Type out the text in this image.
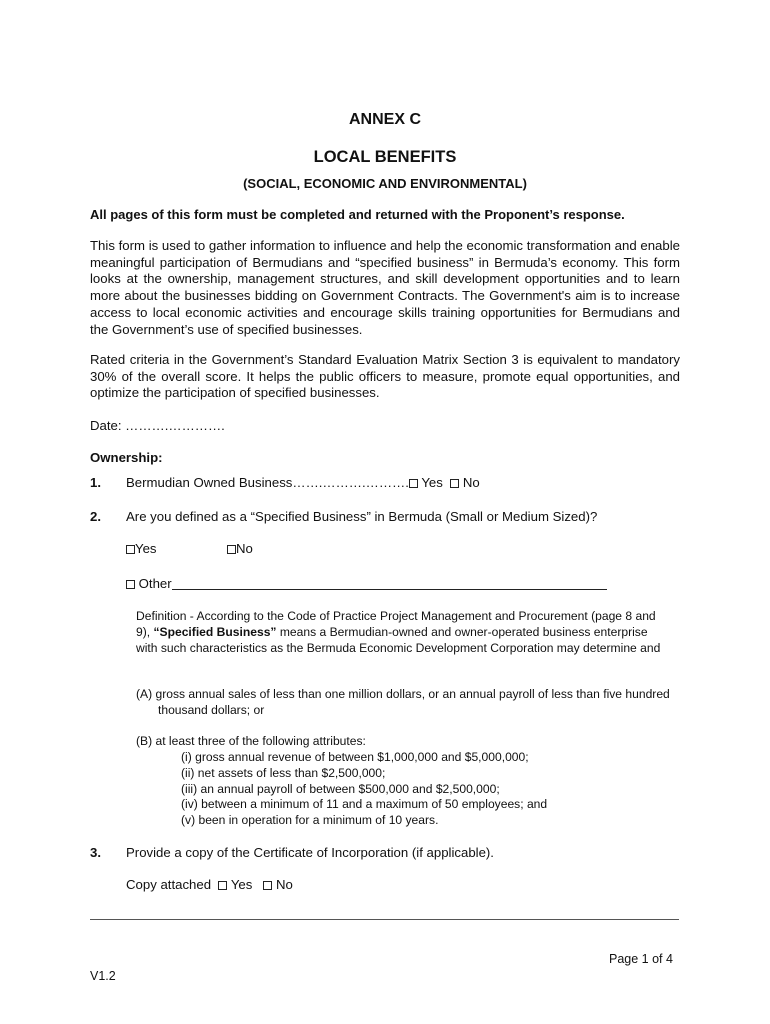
ANNEX C
LOCAL BENEFITS
(SOCIAL, ECONOMIC AND ENVIRONMENTAL)
All pages of this form must be completed and returned with the Proponent’s response.
This form is used to gather information to influence and help the economic transformation and enable meaningful participation of Bermudians and “specified business” in Bermuda’s economy. This form looks at the ownership, management structures, and skill development opportunities and to learn more about the businesses bidding on Government Contracts. The Government's aim is to increase access to local economic activities and encourage skills training opportunities for Bermudians and the Government’s use of specified businesses.
Rated criteria in the Government’s Standard Evaluation Matrix Section 3 is equivalent to mandatory 30% of the overall score. It helps the public officers to measure, promote equal opportunities, and optimize the participation of specified businesses.
Date: ……….………….
Ownership:
1. Bermudian Owned Business…….……….………. Yes No
2. Are you defined as a “Specified Business” in Bermuda (Small or Medium Sized)?
Yes	No
Other
Definition - According to the Code of Practice Project Management and Procurement (page 8 and 9), “Specified Business” means a Bermudian-owned and owner-operated business enterprise with such characteristics as the Bermuda Economic Development Corporation may determine and
(A) gross annual sales of less than one million dollars, or an annual payroll of less than five hundred thousand dollars; or
(B) at least three of the following attributes:
(i) gross annual revenue of between $1,000,000 and $5,000,000;
(ii) net assets of less than $2,500,000;
(iii) an annual payroll of between $500,000 and $2,500,000;
(iv) between a minimum of 11 and a maximum of 50 employees; and
(v) been in operation for a minimum of 10 years.
3. Provide a copy of the Certificate of Incorporation (if applicable).
Copy attached Yes No
Page 1 of 4
V1.2
